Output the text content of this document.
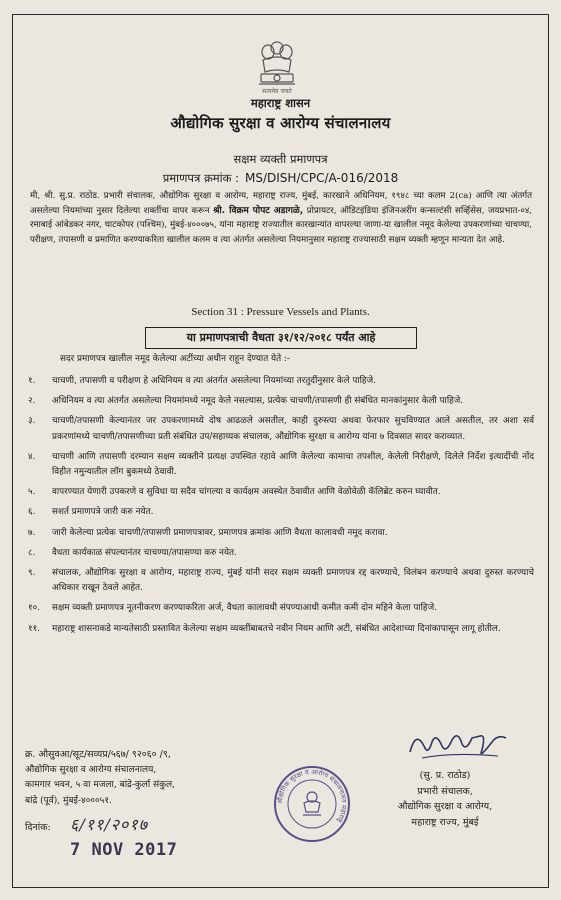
सत्यमेव जयते
महाराष्ट्र शासन
औद्योगिक सुरक्षा व आरोग्य संचालनालय
सक्षम व्यक्ती प्रमाणपत्र
प्रमाणपत्र क्रमांक : MS/DISH/CPC/A-016/2018
मी, श्री. सु.प्र. राठोड. प्रभारी संचालक, औद्योगिक सुरक्षा व आरोग्य, महाराष्ट्र राज्य, मुंबई, कारखाने अधिनियम, १९४८ च्या कलम 2(ca) आणि त्या अंतर्गत असलेल्या नियमांच्या नुसार दिलेल्या शक्तींचा वापर करून श्री. विक्रम पोपट अडागळे, प्रोप्रायटर, ऑडिटइंडिया इंजिनअरींग कन्सल्टंसी सर्व्हिसेस, जयप्रभात-०४, रमाबाई आंबेडकर नगर, घाटकोपर (पश्चिम), मुंबई-४०००७५, यांना महाराष्ट्र राज्यातील कारखान्यांत वापरल्या जाणा-या खालील नमूद केलेल्या उपकरणांच्या चाचण्या, परीक्षण, तपासणी व प्रमाणित करण्याकरिता खालील कलम व त्या अंतर्गत असलेल्या नियमानुसार महाराष्ट्र राज्यासाठी सक्षम व्यक्ती म्हणून मान्यता देत आहे.
Section 31 : Pressure Vessels and Plants.
या प्रमाणपत्राची वैधता ३१/१२/२०१८ पर्यंत आहे
सदर प्रमाणपत्र खालील नमूद केलेल्या अटींच्या अधीन राहून देण्यात येते :-
१. चाचणी, तपासणी व परीक्षण हे अधिनियम व त्या अंतर्गत असलेल्या नियमांच्या तरतुदींनुसार केले पाहिजे.
२. अधिनियम व त्या अंतर्गत असलेल्या नियमांमध्ये नमूद केले नसल्यास, प्रत्येक चाचणी/तपासणी ही संबंधित मानकांनुसार केली पाहिजे.
३. चाचणी/तपासणी केल्यानंतर जर उपकरणामध्ये दोष आढळले असतील, काही दुरुस्त्या अथवा फेरफार सुचविण्यात आले असतील, तर अशा सर्व प्रकरणांमध्ये चाचणी/तपासणीच्या प्रती संबंधित उप/सहाय्यक संचालक, औद्योगिक सुरक्षा व आरोग्य यांना ७ दिवसात सादर कराव्यात.
४. चाचणी आणि तपासणी दरम्यान सक्षम व्यक्तीने प्रत्यक्ष उपस्थित रहावे आणि केलेल्या कामाचा तपशील, केलेली निरीक्षणे, दिलेले निर्देश इत्यादींची नोंद विहीत नमुन्यातील लॉग बुकमध्ये ठेवावी.
५. वापरण्यात येणारी उपकरणे व सुविधा या सदैव चांगल्या व कार्यक्षम अवस्थेत ठेवावीत आणि वेळोवेळी कॅलिब्रेट करुन घ्यावीत.
६. सशर्त प्रमाणपत्रे जारी करु नयेत.
७. जारी केलेल्या प्रत्येक चाचणी/तपासणी प्रमाणपत्रावर, प्रमाणपत्र क्रमांक आणि वैधता कालावधी नमूद करावा.
८. वैधता कार्यकाळ संपल्यानंतर चाचण्या/तपासण्या करु नयेत.
९. संचालक, औद्योगिक सुरक्षा व आरोग्य, महाराष्ट्र राज्य, मुंबई यांनी सदर सक्षम व्यक्ती प्रमाणपत्र रद्द करण्याचे, विलंबन करण्याचे अथवा दुरुस्त करण्याचे अधिकार राखून ठेवले आहेत.
१०. सक्षम व्यक्ती प्रमाणपत्र नूतनीकरण करण्याकरिता अर्ज, वैधता कालावधी संपण्याआधी कमीत कमी दोन महिने केला पाहिजे.
११. महाराष्ट्र शासनाकडे मान्यतेसाठी प्रस्तावित केलेल्या सक्षम व्यक्तींबाबतचे नवीन नियम आणि अटी, संबंधित आदेशाच्या दिनांकापासून लागू होतील.
क्र. औसुवआ/सूट/सव्यप्र/५६७/ ९२०६० /९,
औद्योगिक सुरक्षा व आरोग्य संचालनालय,
कामगार भवन, ५ वा मजला, बांद्रे-कुर्ला संकुल,
बांद्रे (पूर्व), मुंबई-४०००५१.
दिनांक: ६/११/२०१७
7 NOV 2017
औद्योगिक सुरक्षा व आरोग्य संचालनालय महाराष्ट्र
(सु. प्र. राठोड)
प्रभारी संचालक,
औद्योगिक सुरक्षा व आरोग्य,
महाराष्ट्र राज्य, मुंबई
